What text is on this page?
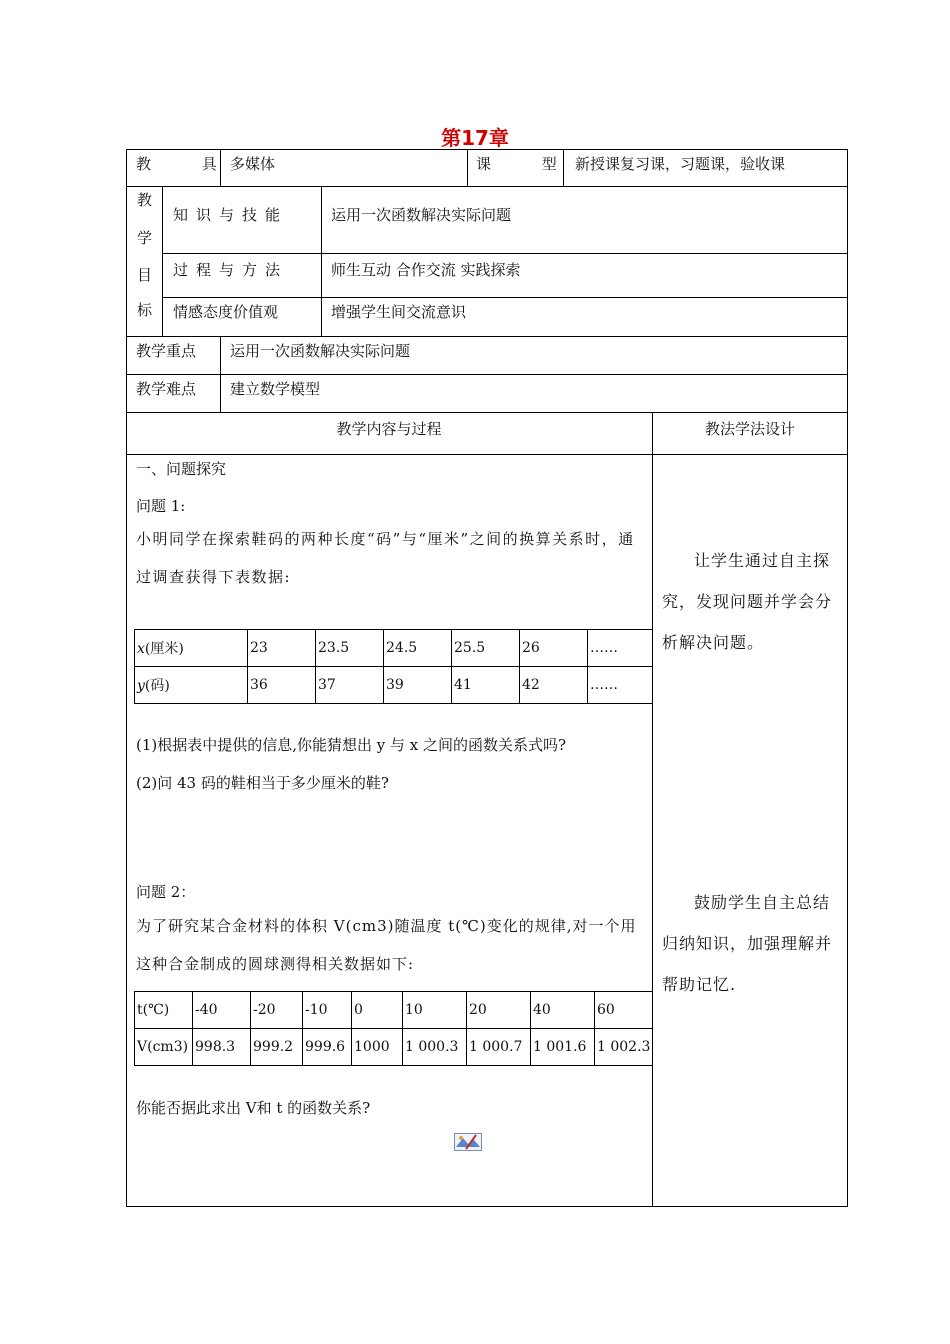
第17章
教 具 多媒体	课 型 新授课复习课，习题课，验收课
教
学
目
标
知识与技能	运用一次函数解决实际问题
过程与方法	师生互动 合作交流 实践探索
情感态度价值观	增强学生间交流意识
教学重点 运用一次函数解决实际问题
教学难点 建立数学模型
教学内容与过程	教法学法设计
一、问题探究
问题 1:
小明同学在探索鞋码的两种长度“码”与“厘米”之间的换算关系时，通过调查获得下表数据:
x(厘米)	23	23.5	24.5	25.5	26	……
y(码)	36	37	39	41	42	……
(1)根据表中提供的信息,你能猜想出 y 与 x 之间的函数关系式吗?
(2)问 43 码的鞋相当于多少厘米的鞋?
问题 2：
为了研究某合金材料的体积 V(cm3)随温度 t(℃)变化的规律,对一个用这种合金制成的圆球测得相关数据如下:
t(℃)	-40	-20	-10	0	10	20	40	60
V(cm3)	998.3	999.2	999.6	1000	1 000.3	1 000.7	1 001.6	1 002.3
你能否据此求出 V和 t 的函数关系?
让学生通过自主探究，发现问题并学会分析解决问题。
鼓励学生自主总结归纳知识，加强理解并帮助记忆.
